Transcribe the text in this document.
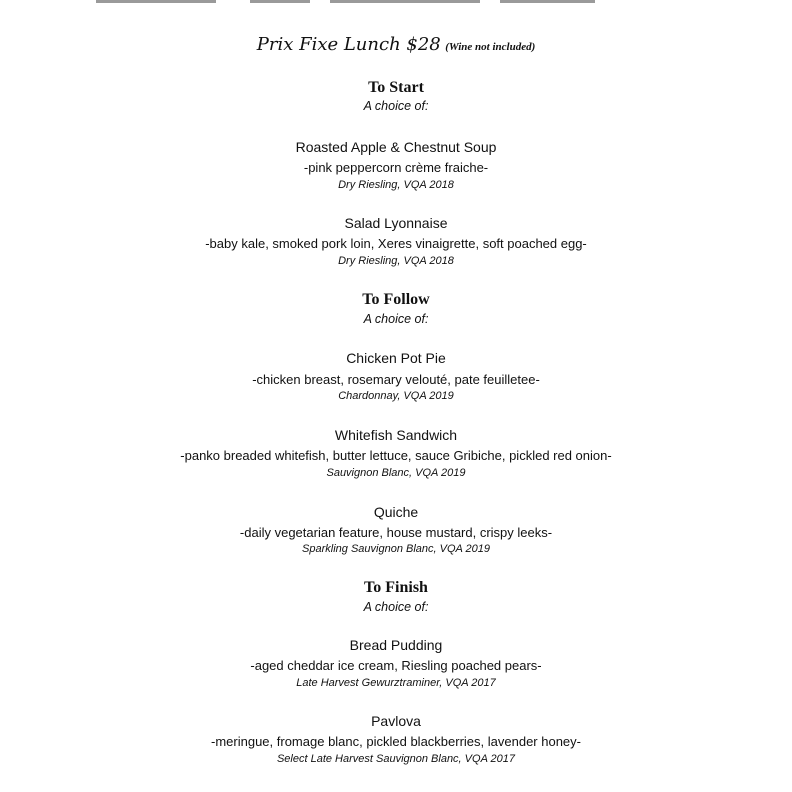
Prix Fixe Lunch $28 (Wine not included)
To Start
A choice of:
Roasted Apple & Chestnut Soup
-pink peppercorn crème fraiche-
Dry Riesling, VQA 2018
Salad Lyonnaise
-baby kale, smoked pork loin, Xeres vinaigrette, soft poached egg-
Dry Riesling, VQA 2018
To Follow
A choice of:
Chicken Pot Pie
-chicken breast, rosemary velouté, pate feuilletee-
Chardonnay, VQA 2019
Whitefish Sandwich
-panko breaded whitefish, butter lettuce, sauce Gribiche, pickled red onion-
Sauvignon Blanc, VQA 2019
Quiche
-daily vegetarian feature, house mustard, crispy leeks-
Sparkling Sauvignon Blanc, VQA 2019
To Finish
A choice of:
Bread Pudding
-aged cheddar ice cream, Riesling poached pears-
Late Harvest Gewurztraminer, VQA 2017
Pavlova
-meringue, fromage blanc, pickled blackberries, lavender honey-
Select Late Harvest Sauvignon Blanc, VQA 2017
